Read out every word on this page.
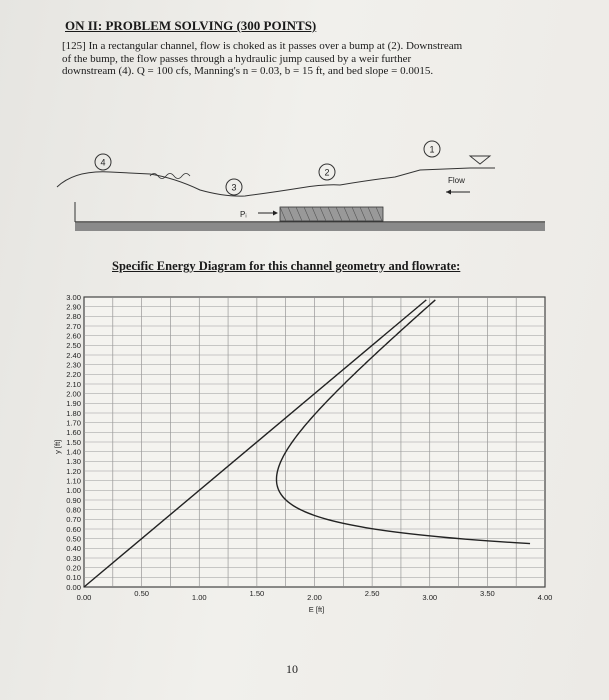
ON II: PROBLEM SOLVING (300 POINTS)
[125] In a rectangular channel, flow is choked as it passes over a bump at (2). Downstream
of the bump, the flow passes through a hydraulic jump caused by a weir further
downstream (4). Q = 100 cfs, Manning's n = 0.03, b = 15 ft, and bed slope = 0.0015.
4
3
2
1
Flow
Pᵢ
Specific Energy Diagram for this channel geometry and flowrate:
0.00
0.10
0.20
0.30
0.40
0.50
0.60
0.70
0.80
0.90
1.00
1.10
1.20
1.30
1.40
1.50
1.60
1.70
1.80
1.90
2.00
2.10
2.20
2.30
2.40
2.50
2.60
2.70
2.80
2.90
3.00
0.00	0.50	1.00	1.50	2.00	2.50	3.00	3.50	4.00
E [ft]
y [ft]
10
